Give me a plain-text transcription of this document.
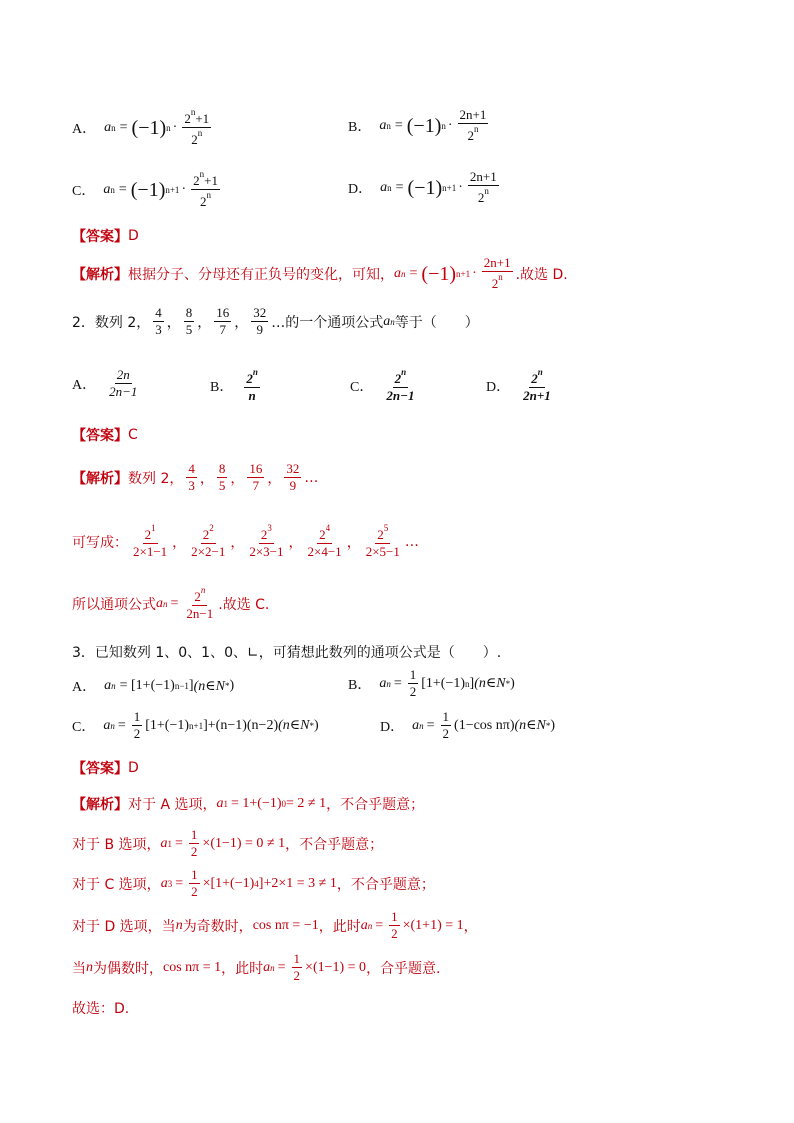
A． a n = (−1) $n \cdot \frac{2^n+1}{2^n}$	B． a n = (−1) $n \cdot \frac{2n+1}{2^n}$
C． a n = (−1) $n+1 \cdot \frac{2^n+1}{2^n}$	D． a n = (−1) $n+1 \cdot \frac{2n+1}{2^n}$
【答案】 D
【解析】 根据分子、分母还有正负号的变化，可知， a n = (−1) $n+1 \cdot \frac{2n+1}{2^n}$ .故选 D.
2．数列 2， $\frac{4}{3}$ ， $\frac{8}{5}$ ， $\frac{16}{7}$ ， $\frac{32}{9}$ …的一个通项公式 a n 等于（　　）
A． $\frac{2n}{2n-1}$	B． $\frac{2^n}{n}$	C． $\frac{2^n}{2n-1}$	D． $\frac{2^n}{2n+1}$
【答案】 C
【解析】 数列 2， $\frac{4}{3}$ ， $\frac{8}{5}$ ， $\frac{16}{7}$ ， $\frac{32}{9}$ …
可写成： $\frac{2^1}{2\times 1-1}$ ， $\frac{2^2}{2\times 2-1}$ ， $\frac{2^3}{2\times 3-1}$ ， $\frac{2^4}{2\times 4-1}$ ， $\frac{2^5}{2\times 5-1}$ …
所以通项公式 a $n = \frac{2^n}{2n-1}$ .故选 C.
3．已知数列 1、0、1、0、∟，可猜想此数列的通项公式是（　　）.
A． a n = [1+(−1) n−1 ] (n∈N * )	B． a $n = \frac{1}{2} [1+(-1)$ n ] (n∈N * )
C． a $n = \frac{1}{2} [1+(-1)$ n+1 ]+(n−1)(n−2) (n∈N * )	D． a $n = \frac{1}{2} (1-\cos$ nπ) (n∈N * )
【答案】 D
【解析】 对于 A 选项， a 1 = 1+(−1) 0 = 2 ≠ 1 ，不合乎题意；
对于 B 选项， a $1 = \frac{1}{2} \times(1-1) = 0 \ne 1$ ，不合乎题意；
对于 C 选项， a $3 = \frac{1}{2} \times[1+(-1)$ 4 ]+2×1 = 3 ≠ 1 ，不合乎题意；
对于 D 选项，当 n 为奇数时， cos nπ = −1 ，此时 a $n = \frac{1}{2} \times(1+1) = 1$ ，
当 n 为偶数时， cos nπ = 1 ，此时 a $n = \frac{1}{2} \times(1-1) = 0$ ，合乎题意.
故选：D.
